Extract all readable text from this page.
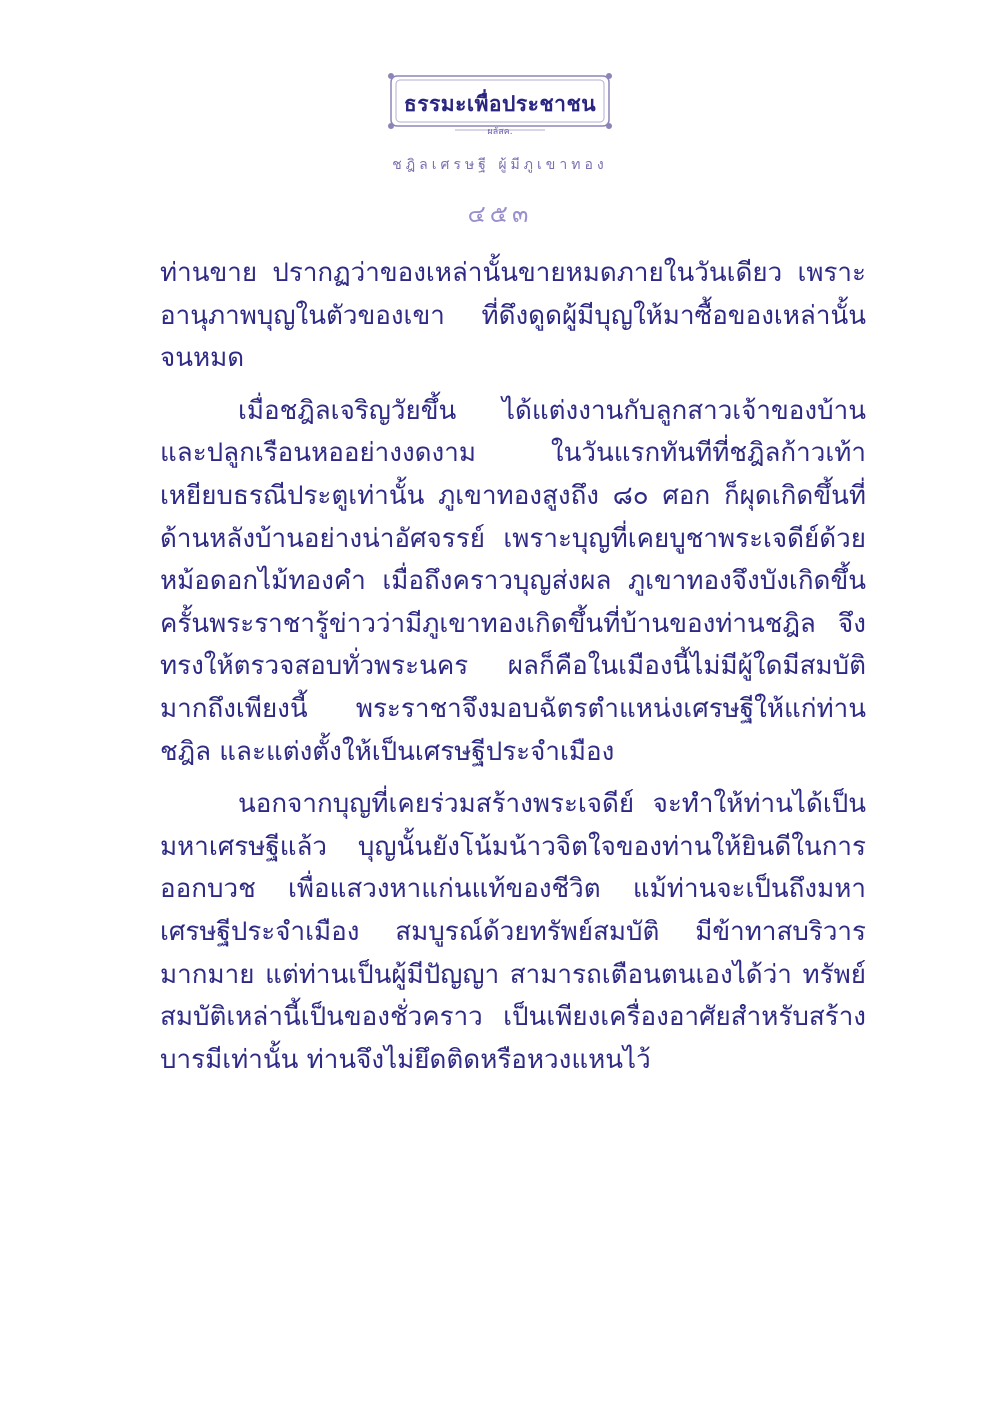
ธรรมะเพื่อประชาชน
ผลัสค.
ชฎิลเศรษฐี ผู้มีภูเขาทอง
๔๕๓

ท่านขาย ปรากฏว่าของเหล่านั้นขายหมดภายในวันเดียว เพราะอานุภาพบุญในตัวของเขา ที่ดึงดูดผู้มีบุญให้มาซื้อของเหล่านั้นจนหมด

เมื่อชฎิลเจริญวัยขึ้น ได้แต่งงานกับลูกสาวเจ้าของบ้านและปลูกเรือนหออย่างงดงาม ในวันแรกทันทีที่ชฎิลก้าวเท้าเหยียบธรณีประตูเท่านั้น ภูเขาทองสูงถึง ๘๐ ศอก ก็ผุดเกิดขึ้นที่ด้านหลังบ้านอย่างน่าอัศจรรย์ เพราะบุญที่เคยบูชาพระเจดีย์ด้วยหม้อดอกไม้ทองคำ เมื่อถึงคราวบุญส่งผล ภูเขาทองจึงบังเกิดขึ้น ครั้นพระราชารู้ข่าวว่ามีภูเขาทองเกิดขึ้นที่บ้านของท่านชฎิล จึงทรงให้ตรวจสอบทั่วพระนคร ผลก็คือในเมืองนี้ไม่มีผู้ใดมีสมบัติมากถึงเพียงนี้ พระราชาจึงมอบฉัตรตำแหน่งเศรษฐีให้แก่ท่านชฎิล และแต่งตั้งให้เป็นเศรษฐีประจำเมือง

นอกจากบุญที่เคยร่วมสร้างพระเจดีย์ จะทำให้ท่านได้เป็นมหาเศรษฐีแล้ว บุญนั้นยังโน้มน้าวจิตใจของท่านให้ยินดีในการออกบวช เพื่อแสวงหาแก่นแท้ของชีวิต แม้ท่านจะเป็นถึงมหาเศรษฐีประจำเมือง สมบูรณ์ด้วยทรัพย์สมบัติ มีข้าทาสบริวารมากมาย แต่ท่านเป็นผู้มีปัญญา สามารถเตือนตนเองได้ว่า ทรัพย์สมบัติเหล่านี้เป็นของชั่วคราว เป็นเพียงเครื่องอาศัยสำหรับสร้างบารมีเท่านั้น ท่านจึงไม่ยึดติดหรือหวงแหนไว้
